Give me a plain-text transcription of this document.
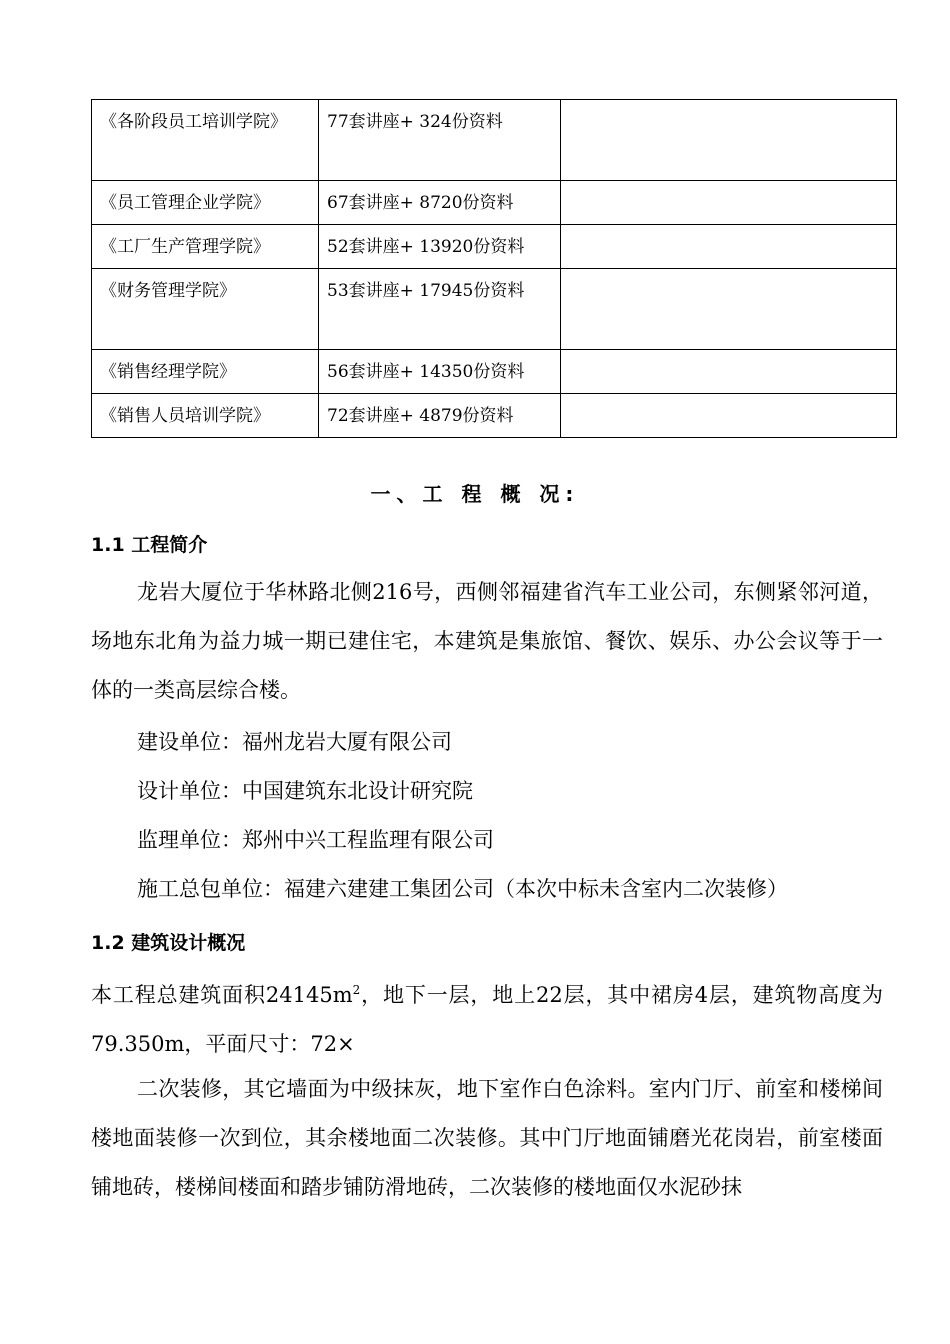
《各阶段员工培训学院》	77套讲座+ 324份资料	
《员工管理企业学院》	67套讲座+ 8720份资料	
《工厂生产管理学院》	52套讲座+ 13920份资料	
《财务管理学院》	53套讲座+ 17945份资料	
《销售经理学院》	56套讲座+ 14350份资料	
《销售人员培训学院》	72套讲座+ 4879份资料	
一、工 程 概 况:
1.1 工程简介
龙岩大厦位于华林路北侧216号，西侧邻福建省汽车工业公司，东侧紧邻河道，场地东北角为益力城一期已建住宅，本建筑是集旅馆、餐饮、娱乐、办公会议等于一体的一类高层综合楼。
建设单位：福州龙岩大厦有限公司
设计单位：中国建筑东北设计研究院
监理单位：郑州中兴工程监理有限公司
施工总包单位：福建六建建工集团公司（本次中标未含室内二次装修）
1.2 建筑设计概况
本工程总建筑面积$24145m^2$，地下一层，地上22层，其中裙房4层，建筑物高度为79.350m，平面尺寸：72×
二次装修，其它墙面为中级抹灰，地下室作白色涂料。室内门厅、前室和楼梯间楼地面装修一次到位，其余楼地面二次装修。其中门厅地面铺磨光花岗岩，前室楼面铺地砖，楼梯间楼面和踏步铺防滑地砖，二次装修的楼地面仅水泥砂抹
